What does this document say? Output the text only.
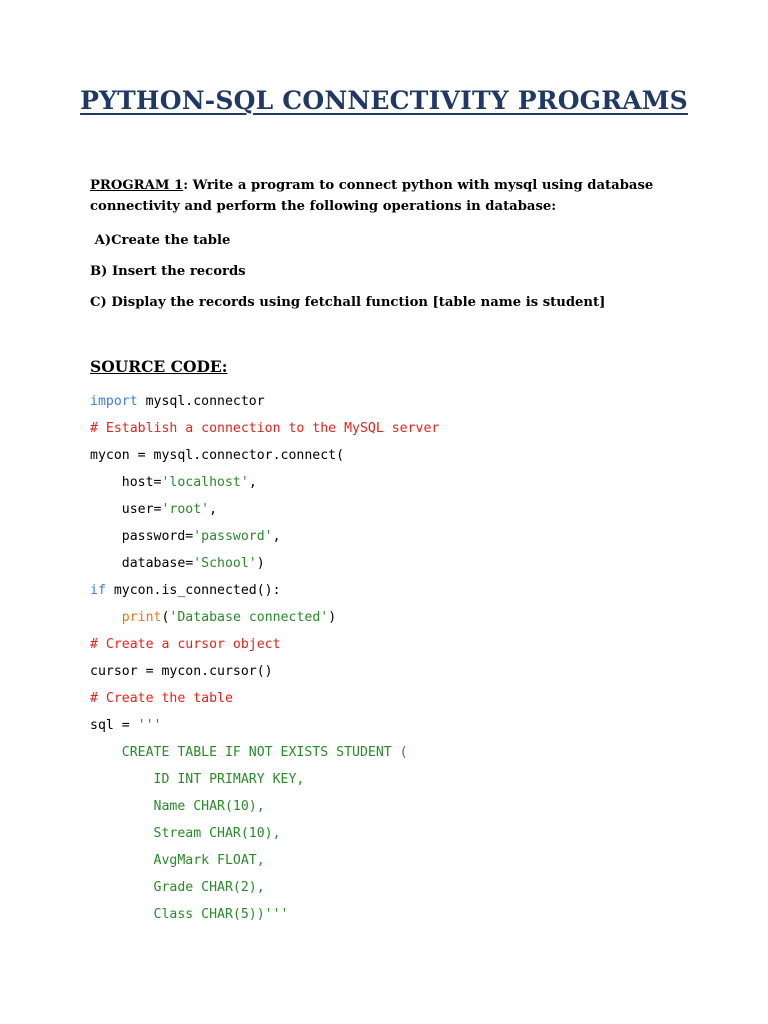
PYTHON-SQL CONNECTIVITY PROGRAMS
PROGRAM 1: Write a program to connect python with mysql using database
connectivity and perform the following operations in database:
A)Create the table
B) Insert the records
C) Display the records using fetchall function [table name is student]
SOURCE CODE:
import mysql.connector
# Establish a connection to the MySQL server
mycon = mysql.connector.connect(
host='localhost',
user='root',
password='password',
database='School')
if mycon.is_connected():
print('Database connected')
# Create a cursor object
cursor = mycon.cursor()
# Create the table
sql = '''
CREATE TABLE IF NOT EXISTS STUDENT (
ID INT PRIMARY KEY,
Name CHAR(10),
Stream CHAR(10),
AvgMark FLOAT,
Grade CHAR(2),
Class CHAR(5))'''
